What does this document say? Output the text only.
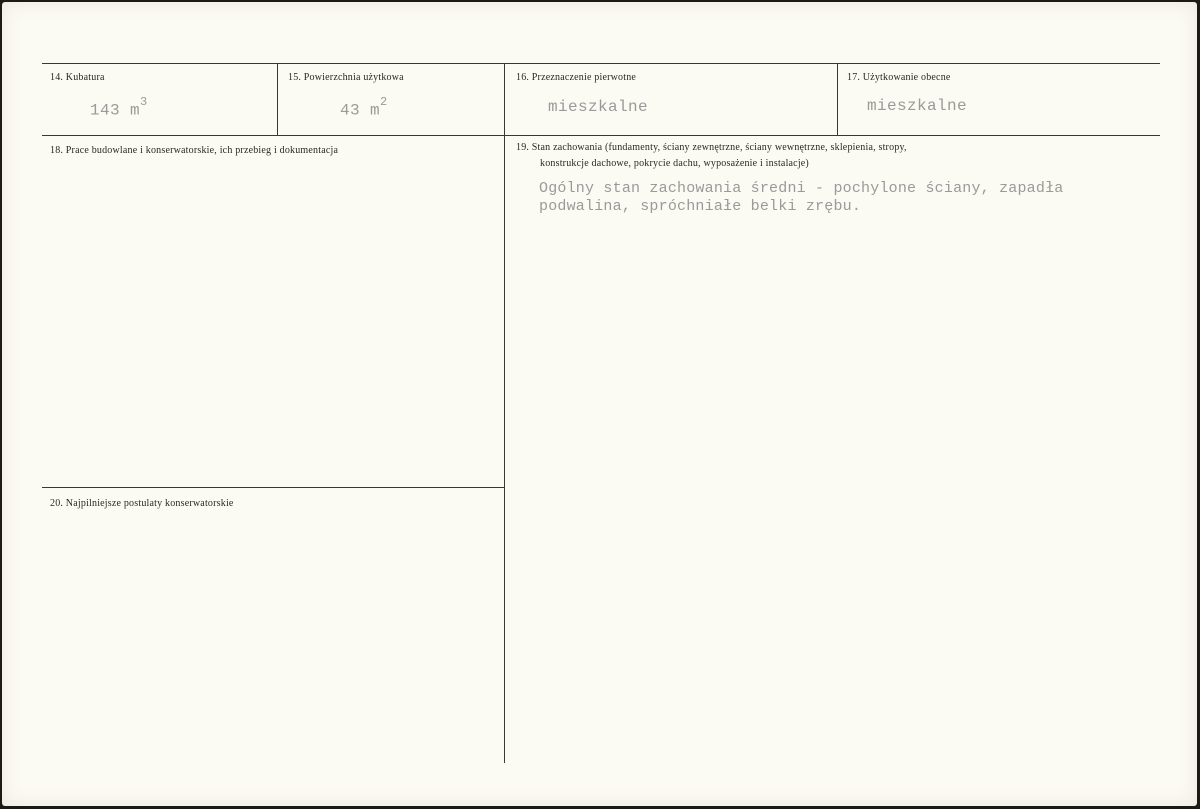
14. Kubatura
143 $m^3$
15. Powierzchnia użytkowa
43 $m^2$
16. Przeznaczenie pierwotne
mieszkalne
17. Użytkowanie obecne
mieszkalne
18. Prace budowlane i konserwatorskie, ich przebieg i dokumentacja	19. Stan zachowania (fundamenty, ściany zewnętrzne, ściany wewnętrzne, sklepienia, stropy,
konstrukcje dachowe, pokrycie dachu, wyposażenie i instalacje)
Ogólny stan zachowania średni - pochylone ściany, zapadła
podwalina, spróchniałe belki zrębu.
20. Najpilniejsze postulaty konserwatorskie
